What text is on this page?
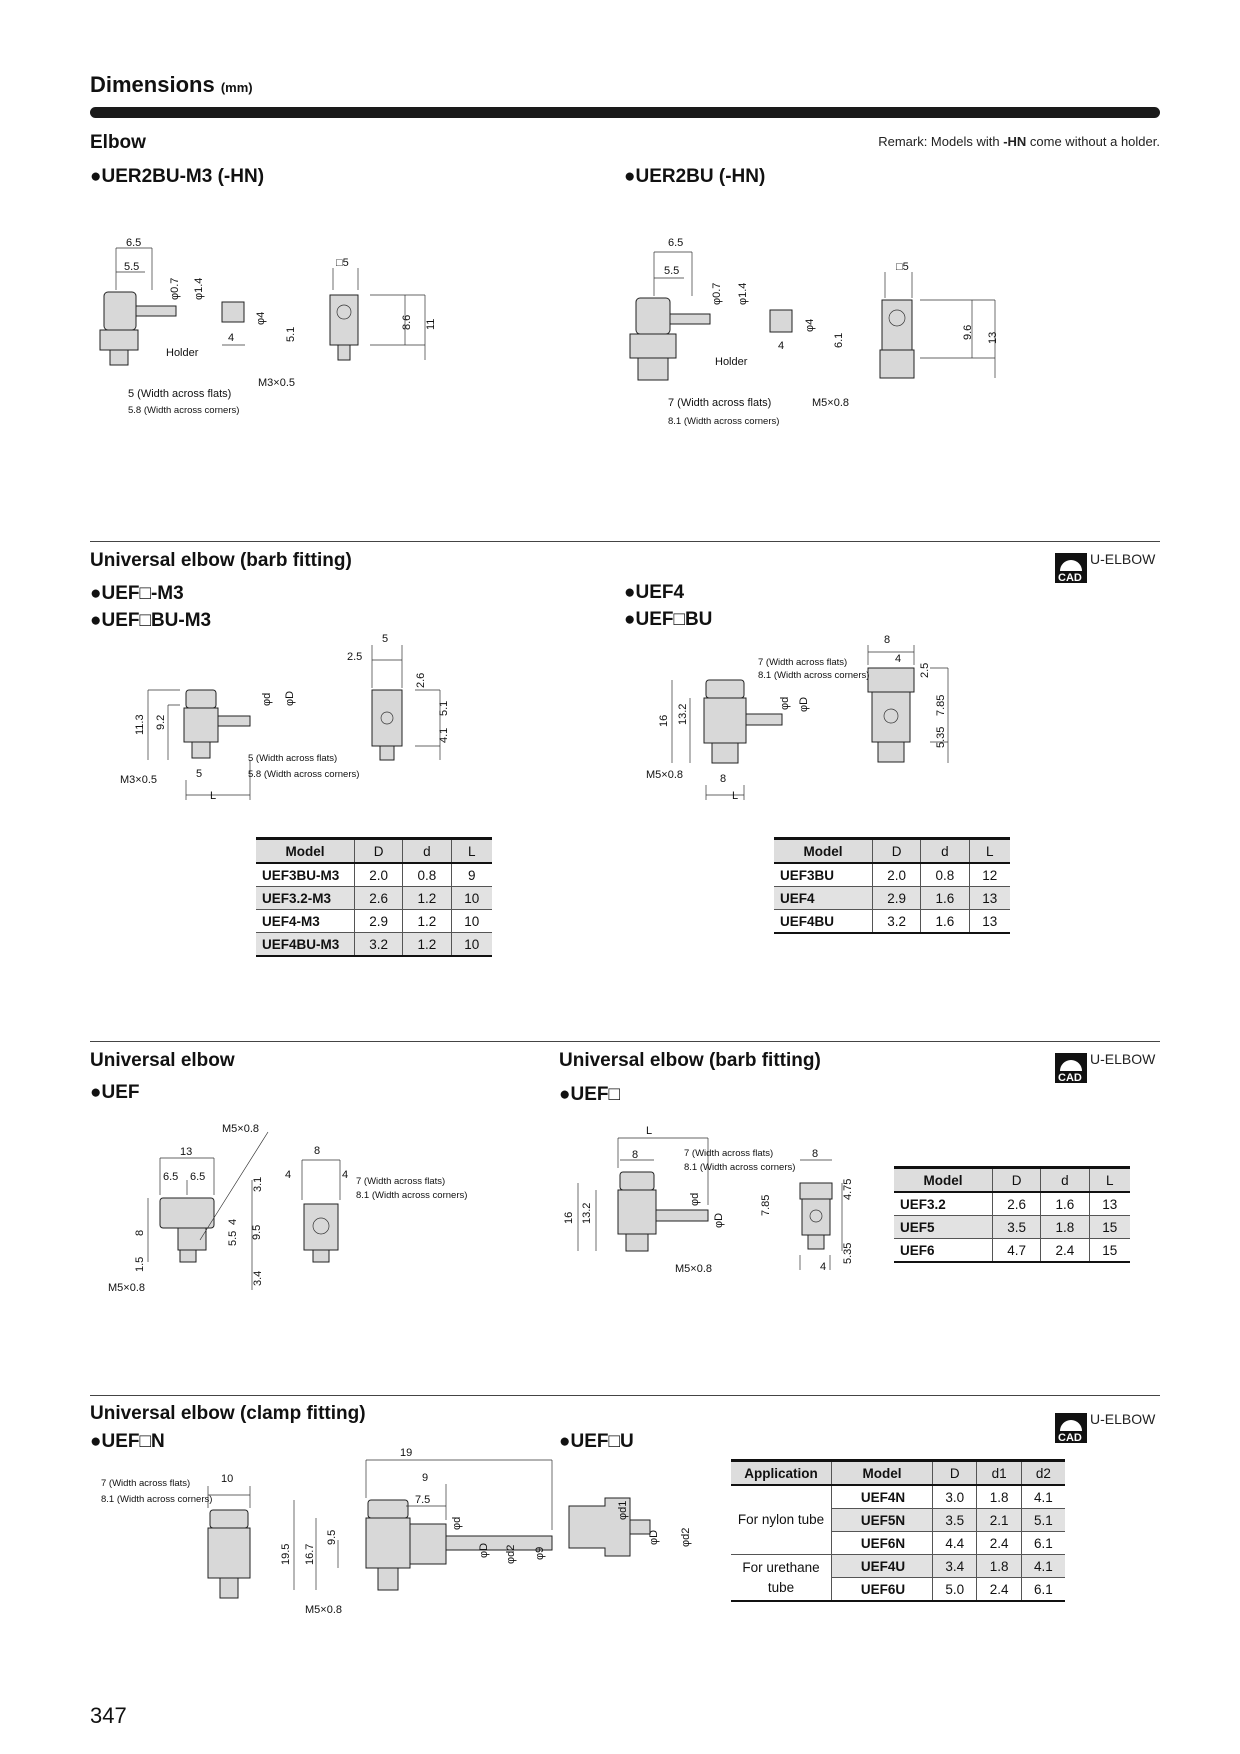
Dimensions (mm)
Elbow	Remark: Models with -HN come without a holder.
●UER2BU-M3 (-HN)	●UER2BU (-HN)
Universal elbow (barb fitting)
CAD
U-ELBOW
●UEF□-M3
●UEF□BU-M3
●UEF4
●UEF□BU
Universal elbow	Universal elbow (barb fitting)
CAD
U-ELBOW
●UEF	●UEF□
Universal elbow (clamp fitting)
CAD
U-ELBOW
●UEF□N	●UEF□U
6.5
5.5
φ0.7 φ1.4
□5
φ4
5.1
8.6 11
4
Holder
M3×0.5
5 (Width across flats)
5.8 (Width across corners)
6.5
5.5
φ0.7 φ1.4
□5
φ4
6.1
9.6 13
4
Holder
M5×0.8
7 (Width across flats)
8.1 (Width across corners)
5
2.5
2.6
φd φD
11.3 9.2
5.1
4.1
5 (Width across flats)
5.8 (Width across corners)
M3×0.5	5
L
8
4
7 (Width across flats)
8.1 (Width across corners)	2.5
φd φD
16 13.2	7.85
5.35
M5×0.8	8
L
M5×0.8
13
6.5 6.5
8
1.5
5.5
4
3.1
9.5
3.4
M5×0.8
8
4	4
7 (Width across flats)
8.1 (Width across corners)
L
8	7 (Width across flats)
8.1 (Width across corners)
8
φd
φD
16 13.2	7.85
4.75
5.35
4
M5×0.8
7 (Width across flats)
8.1 (Width across corners)
10
19
9
7.5
19.5 16.7
9.5
φd
φD φd2 φ9
M5×0.8
φd1
φD φd2
Model	D	d	L
UEF3BU-M3	2.0	0.8	9
UEF3.2-M3	2.6	1.2	10
UEF4-M3	2.9	1.2	10
UEF4BU-M3	3.2	1.2	10
Model	D	d	L
UEF3BU	2.0	0.8	12
UEF4	2.9	1.6	13
UEF4BU	3.2	1.6	13
Model	D	d	L
UEF3.2	2.6	1.6	13
UEF5	3.5	1.8	15
UEF6	4.7	2.4	15
Application	Model	D	d1	d2
For nylon tube	UEF4N	3.0	1.8	4.1
	UEF5N	3.5	2.1	5.1
	UEF6N	4.4	2.4	6.1
For urethane tube	UEF4U	3.4	1.8	4.1
	UEF6U	5.0	2.4	6.1
347
